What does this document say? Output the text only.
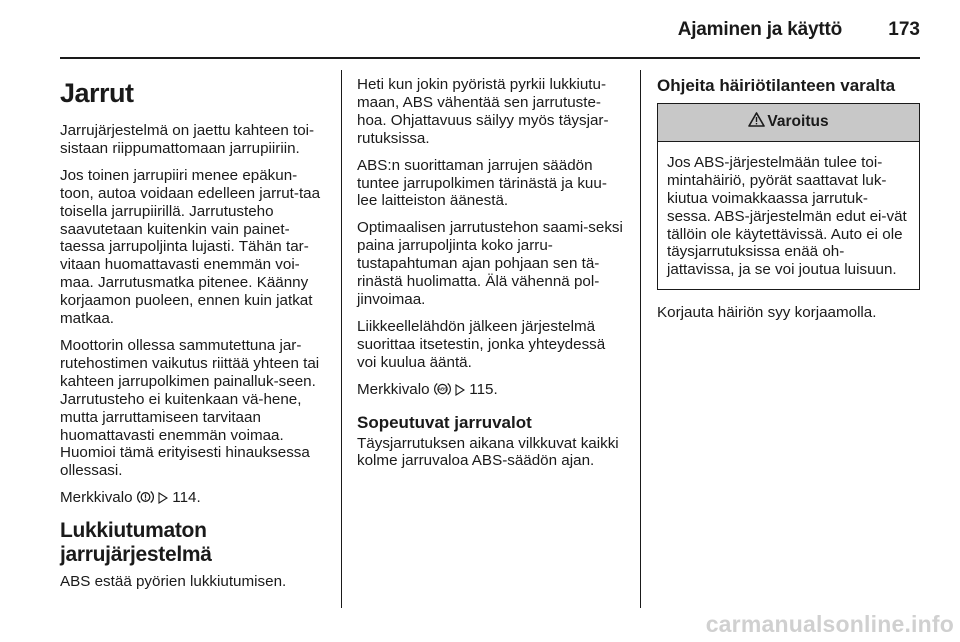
Ajaminen ja käyttö 173
Jarrut

Jarrujärjestelmä on jaettu kahteen toi-sistaan riippumattomaan jarrupiiriin.

Jos toinen jarrupiiri menee epäkun-toon, autoa voidaan edelleen jarrut-taa toisella jarrupiirillä. Jarrutusteho saavutetaan kuitenkin vain painet-taessa jarrupoljinta lujasti. Tähän tar-vitaan huomattavasti enemmän voi-maa. Jarrutusmatka pitenee. Käänny korjaamon puoleen, ennen kuin jatkat matkaa.

Moottorin ollessa sammutettuna jar-rutehostimen vaikutus riittää yhteen tai kahteen jarrupolkimen painalluk-seen. Jarrutusteho ei kuitenkaan vä-hene, mutta jarruttamiseen tarvitaan huomattavasti enemmän voimaa. Huomioi tämä erityisesti hinauksessa ollessasi.

Merkkivalo	114.

Lukkiutumaton jarrujärjestelmä

ABS estää pyörien lukkiutumisen.

Heti kun jokin pyöristä pyrkii lukkiutu-maan, ABS vähentää sen jarrutuste-hoa. Ohjattavuus säilyy myös täysjar-rutuksissa.

ABS:n suorittaman jarrujen säädön tuntee jarrupolkimen tärinästä ja kuu-lee laitteiston äänestä.

Optimaalisen jarrutustehon saami-seksi paina jarrupoljinta koko jarru-tustapahtuman ajan pohjaan sen tä-rinästä huolimatta. Älä vähennä pol-jinvoimaa.

Liikkeellelähdön jälkeen järjestelmä suorittaa itsetestin, jonka yhteydessä voi kuulua ääntä.

Merkkivalo ABS 115.

Sopeutuvat jarruvalot

Täysjarrutuksen aikana vilkkuvat kaikki kolme jarruvaloa ABS-säädön ajan.

Ohjeita häiriötilanteen varalta
Varoitus
Jos ABS-järjestelmään tulee toi-mintahäiriö, pyörät saattavat luk-kiutua voimakkaassa jarrutuk-sessa. ABS-järjestelmän edut ei-vät tällöin ole käytettävissä. Auto ei ole täysjarrutuksissa enää oh-jattavissa, ja se voi joutua luisuun.

Korjauta häiriön syy korjaamolla.

carmanualsonline.info
